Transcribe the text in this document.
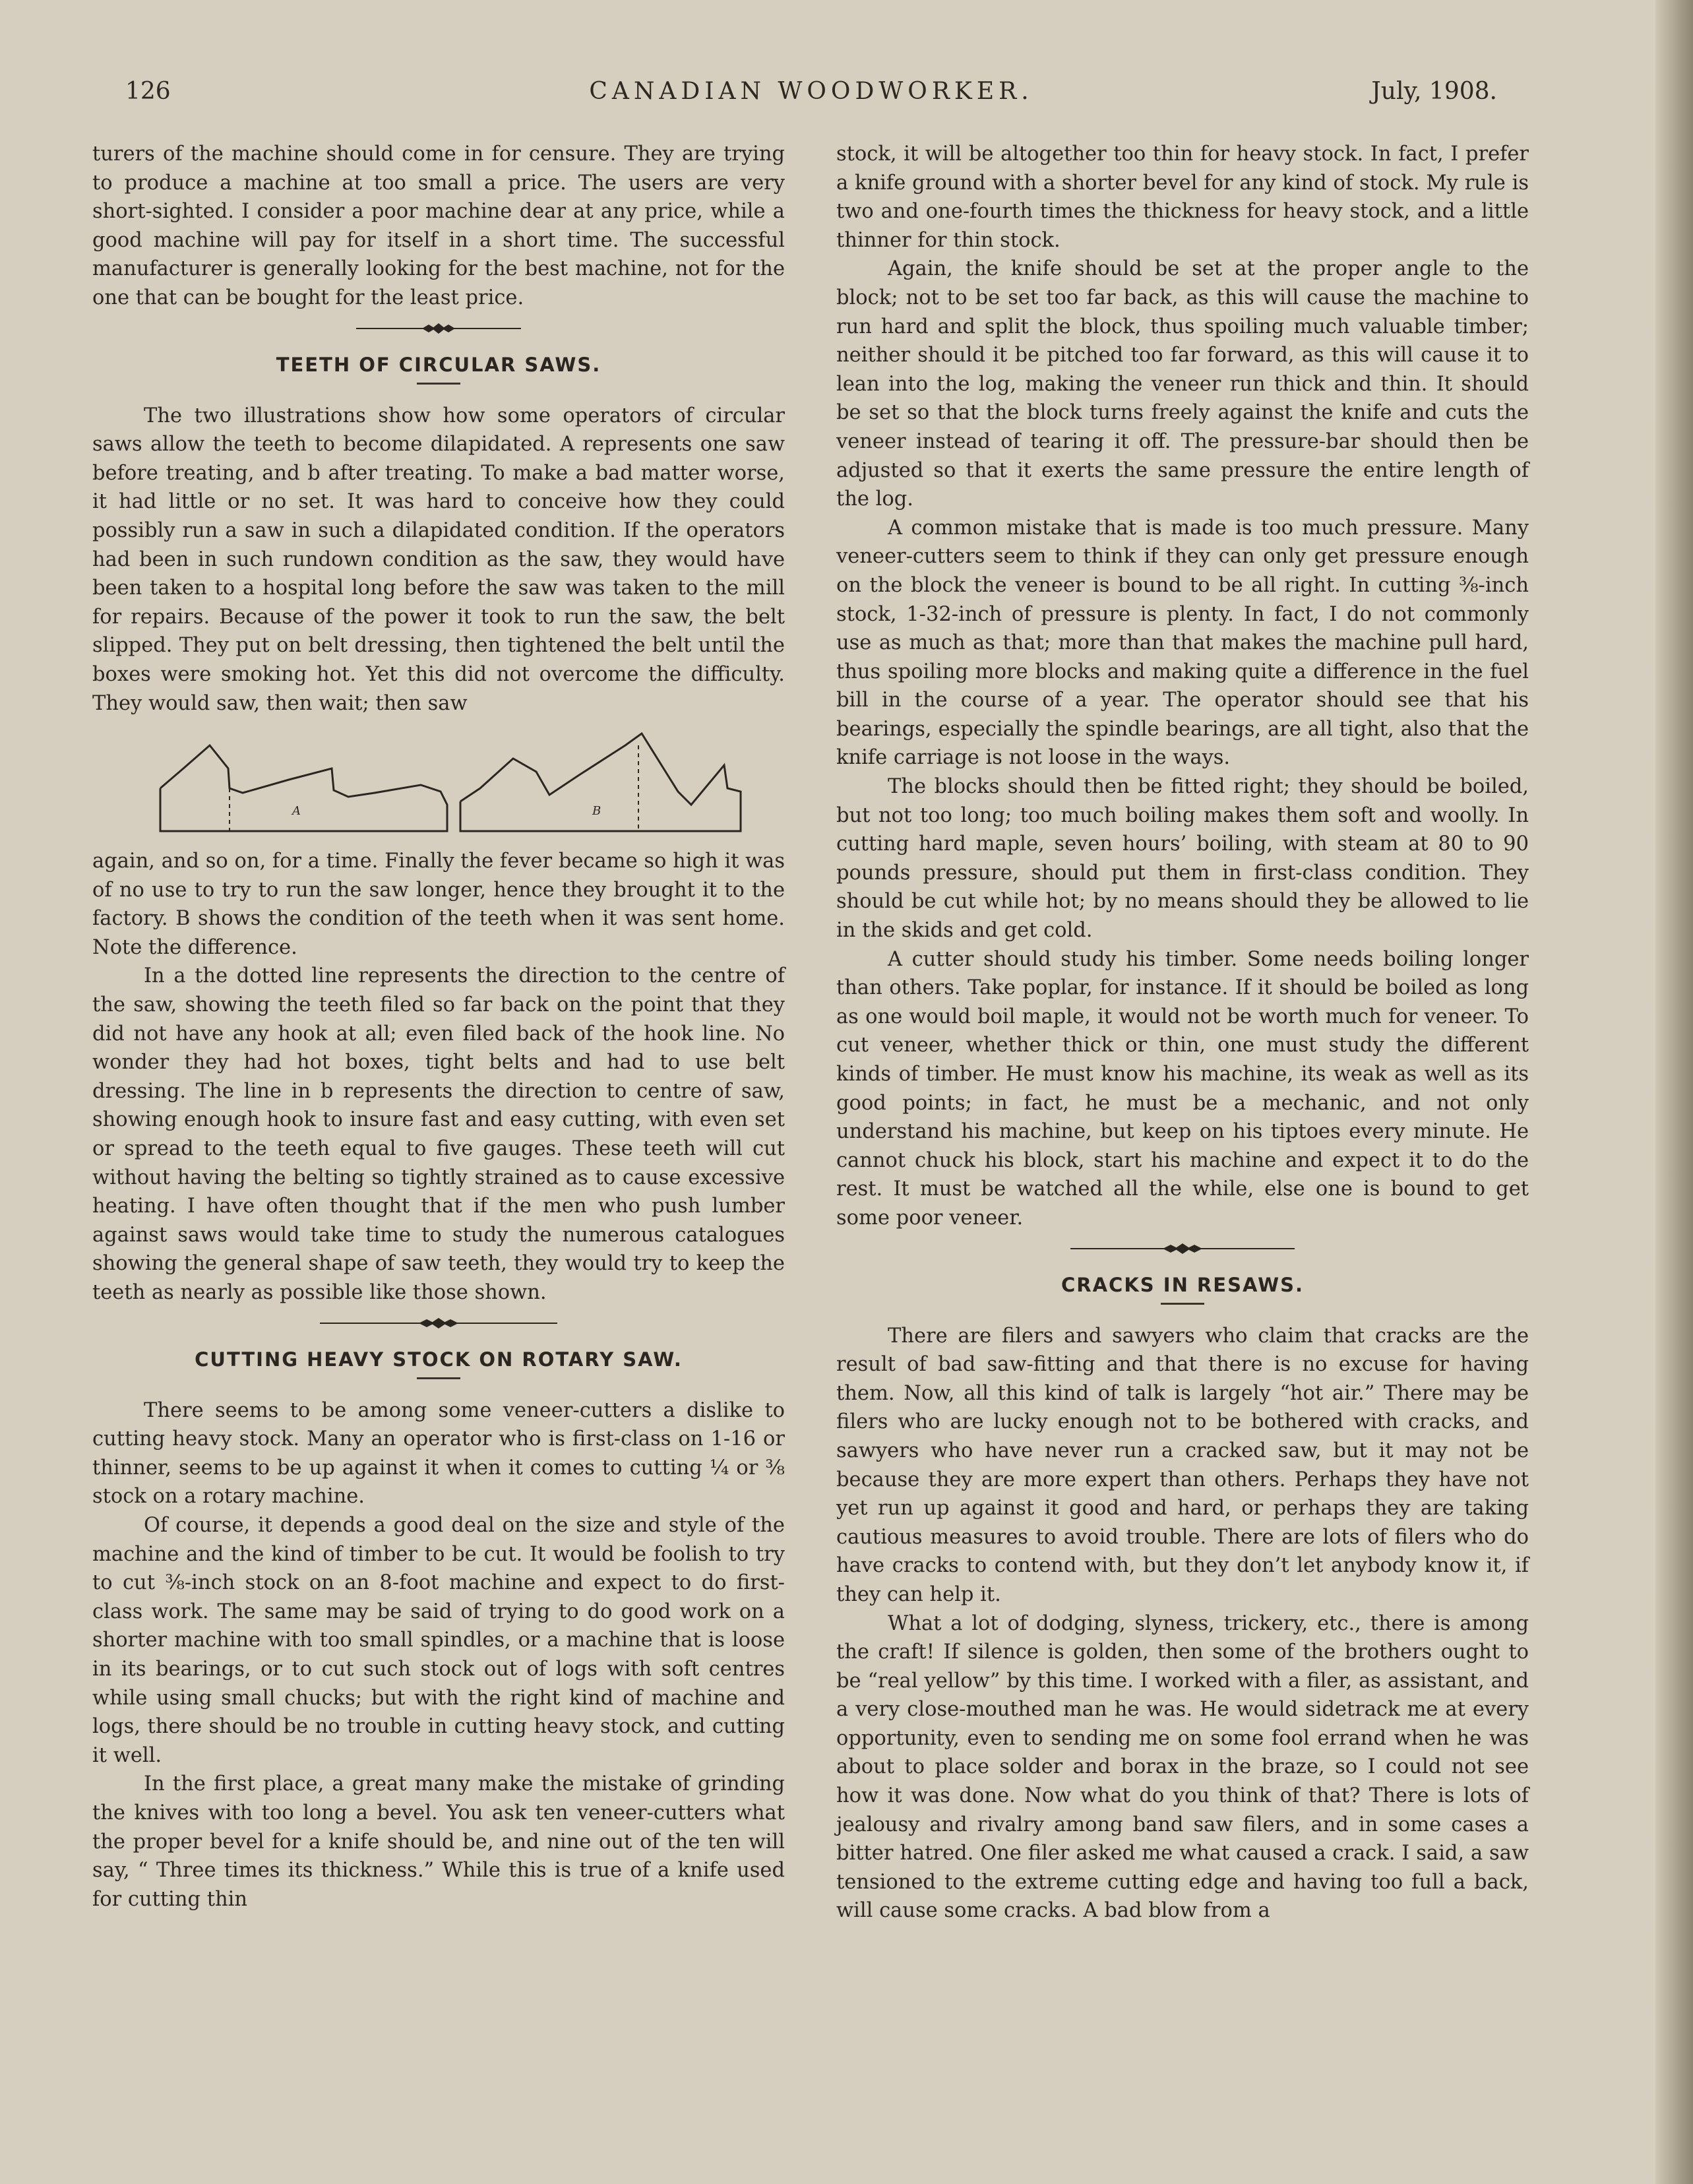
126	CANADIAN WOODWORKER.	July, 1908.

turers of the machine should come in for censure. They are trying to produce a machine at too small a price. The users are very short-sighted. I consider a poor machine dear at any price, while a good machine will pay for itself in a short time. The successful manufacturer is generally looking for the best machine, not for the one that can be bought for the least price.

TEETH OF CIRCULAR SAWS.

The two illustrations show how some operators of circular saws allow the teeth to become dilapidated. A represents one saw before treating, and b after treating. To make a bad matter worse, it had little or no set. It was hard to conceive how they could possibly run a saw in such a dilapidated condition. If the operators had been in such rundown condition as the saw, they would have been taken to a hospital long before the saw was taken to the mill for repairs. Because of the power it took to run the saw, the belt slipped. They put on belt dressing, then tightened the belt until the boxes were smoking hot. Yet this did not overcome the difficulty. They would saw, then wait; then saw

A	B

again, and so on, for a time. Finally the fever became so high it was of no use to try to run the saw longer, hence they brought it to the factory. B shows the condition of the teeth when it was sent home. Note the difference.

In a the dotted line represents the direction to the centre of the saw, showing the teeth filed so far back on the point that they did not have any hook at all; even filed back of the hook line. No wonder they had hot boxes, tight belts and had to use belt dressing. The line in b represents the direction to centre of saw, showing enough hook to insure fast and easy cutting, with even set or spread to the teeth equal to five gauges. These teeth will cut without having the belting so tightly strained as to cause excessive heating. I have often thought that if the men who push lumber against saws would take time to study the numerous catalogues showing the general shape of saw teeth, they would try to keep the teeth as nearly as possible like those shown.

CUTTING HEAVY STOCK ON ROTARY SAW.

There seems to be among some veneer-cutters a dislike to cutting heavy stock. Many an operator who is first-class on 1-16 or thinner, seems to be up against it when it comes to cutting ¼ or ⅜ stock on a rotary machine.

Of course, it depends a good deal on the size and style of the machine and the kind of timber to be cut. It would be foolish to try to cut ⅜-inch stock on an 8-foot machine and expect to do first-class work. The same may be said of trying to do good work on a shorter machine with too small spindles, or a machine that is loose in its bearings, or to cut such stock out of logs with soft centres while using small chucks; but with the right kind of machine and logs, there should be no trouble in cutting heavy stock, and cutting it well.

In the first place, a great many make the mistake of grinding the knives with too long a bevel. You ask ten veneer-cutters what the proper bevel for a knife should be, and nine out of the ten will say, “ Three times its thickness.” While this is true of a knife used for cutting thin

stock, it will be altogether too thin for heavy stock. In fact, I prefer a knife ground with a shorter bevel for any kind of stock. My rule is two and one-fourth times the thickness for heavy stock, and a little thinner for thin stock.

Again, the knife should be set at the proper angle to the block; not to be set too far back, as this will cause the machine to run hard and split the block, thus spoiling much valuable timber; neither should it be pitched too far forward, as this will cause it to lean into the log, making the veneer run thick and thin. It should be set so that the block turns freely against the knife and cuts the veneer instead of tearing it off. The pressure-bar should then be adjusted so that it exerts the same pressure the entire length of the log.

A common mistake that is made is too much pressure. Many veneer-cutters seem to think if they can only get pressure enough on the block the veneer is bound to be all right. In cutting ⅜-inch stock, 1-32-inch of pressure is plenty. In fact, I do not commonly use as much as that; more than that makes the machine pull hard, thus spoiling more blocks and making quite a difference in the fuel bill in the course of a year. The operator should see that his bearings, especially the spindle bearings, are all tight, also that the knife carriage is not loose in the ways.

The blocks should then be fitted right; they should be boiled, but not too long; too much boiling makes them soft and woolly. In cutting hard maple, seven hours’ boiling, with steam at 80 to 90 pounds pressure, should put them in first-class condition. They should be cut while hot; by no means should they be allowed to lie in the skids and get cold.

A cutter should study his timber. Some needs boiling longer than others. Take poplar, for instance. If it should be boiled as long as one would boil maple, it would not be worth much for veneer. To cut veneer, whether thick or thin, one must study the different kinds of timber. He must know his machine, its weak as well as its good points; in fact, he must be a mechanic, and not only understand his machine, but keep on his tiptoes every minute. He cannot chuck his block, start his machine and expect it to do the rest. It must be watched all the while, else one is bound to get some poor veneer.

CRACKS IN RESAWS.

There are filers and sawyers who claim that cracks are the result of bad saw-fitting and that there is no excuse for having them. Now, all this kind of talk is largely “hot air.” There may be filers who are lucky enough not to be bothered with cracks, and sawyers who have never run a cracked saw, but it may not be because they are more expert than others. Perhaps they have not yet run up against it good and hard, or perhaps they are taking cautious measures to avoid trouble. There are lots of filers who do have cracks to contend with, but they don’t let anybody know it, if they can help it.

What a lot of dodging, slyness, trickery, etc., there is among the craft! If silence is golden, then some of the brothers ought to be “real yellow” by this time. I worked with a filer, as assistant, and a very close-mouthed man he was. He would sidetrack me at every opportunity, even to sending me on some fool errand when he was about to place solder and borax in the braze, so I could not see how it was done. Now what do you think of that? There is lots of jealousy and rivalry among band saw filers, and in some cases a bitter hatred. One filer asked me what caused a crack. I said, a saw tensioned to the extreme cutting edge and having too full a back, will cause some cracks. A bad blow from a
